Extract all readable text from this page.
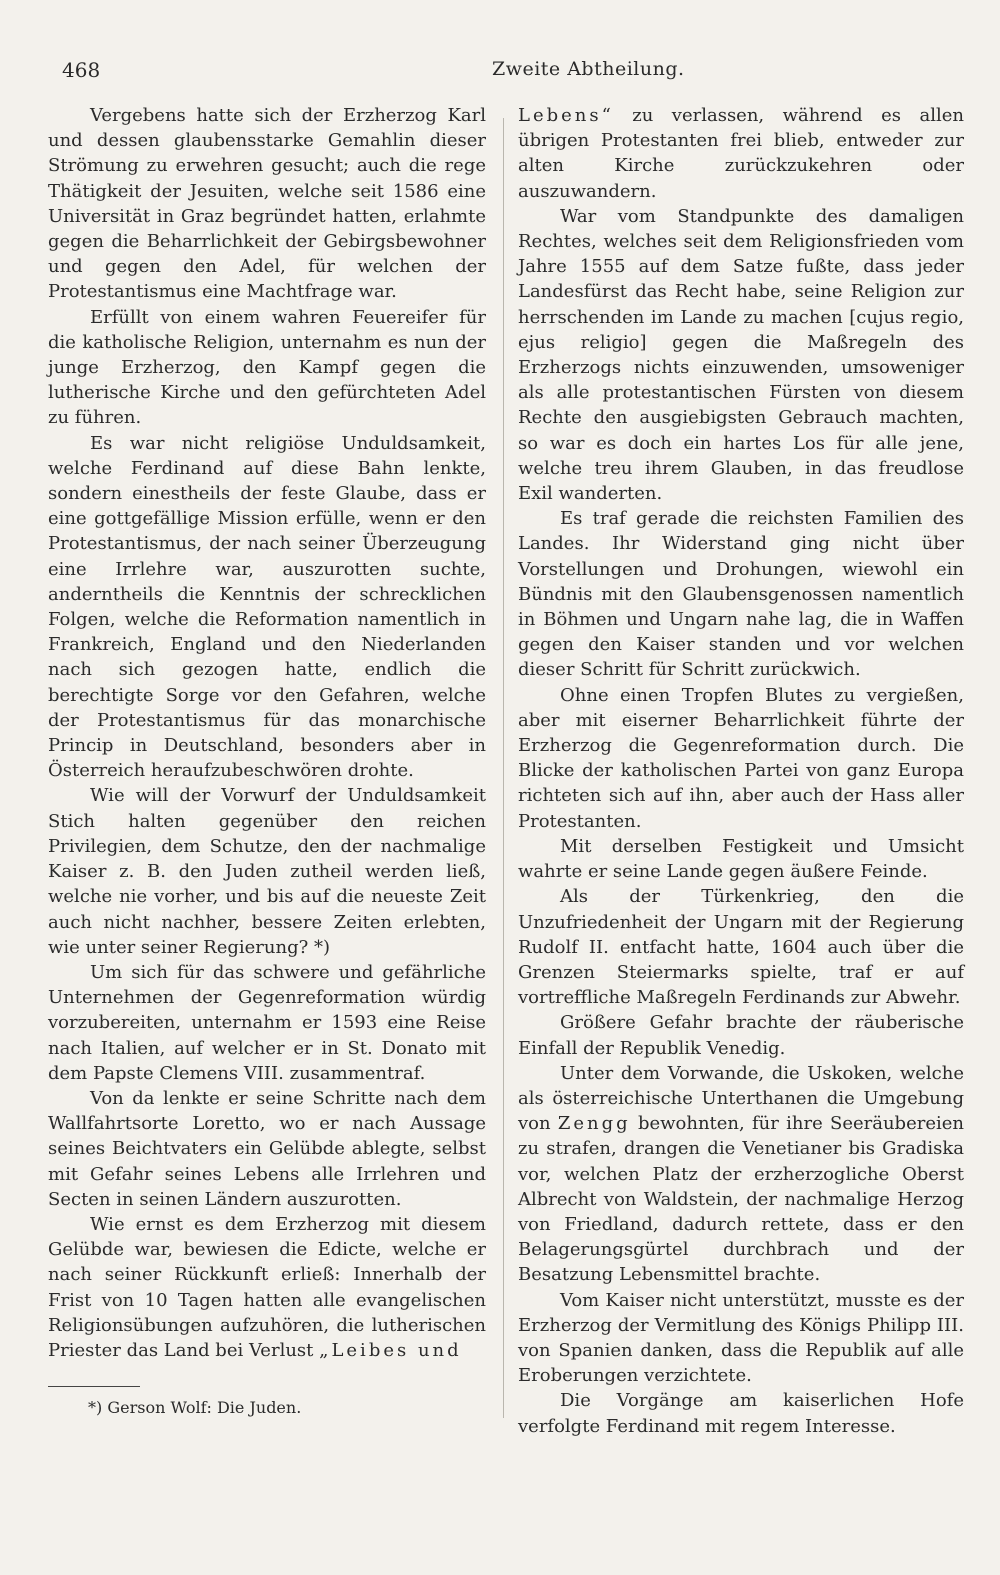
468	Zweite Abtheilung.

Vergebens hatte sich der Erzherzog Karl und dessen glaubensstarke Gemahlin dieser Strömung zu erwehren gesucht; auch die rege Thätigkeit der Jesuiten, welche seit 1586 eine Universität in Graz begründet hatten, erlahmte gegen die Beharrlichkeit der Gebirgsbewohner und gegen den Adel, für welchen der Protestantismus eine Machtfrage war.

Erfüllt von einem wahren Feuereifer für die katholische Religion, unternahm es nun der junge Erzherzog, den Kampf gegen die lutherische Kirche und den gefürchteten Adel zu führen.

Es war nicht religiöse Unduldsamkeit, welche Ferdinand auf diese Bahn lenkte, sondern einestheils der feste Glaube, dass er eine gottgefällige Mission erfülle, wenn er den Protestantismus, der nach seiner Überzeugung eine Irrlehre war, auszurotten suchte, anderntheils die Kenntnis der schrecklichen Folgen, welche die Reformation namentlich in Frankreich, England und den Niederlanden nach sich gezogen hatte, endlich die berechtigte Sorge vor den Gefahren, welche der Protestantismus für das monarchische Princip in Deutschland, besonders aber in Österreich heraufzubeschwören drohte.

Wie will der Vorwurf der Unduldsamkeit Stich halten gegenüber den reichen Privilegien, dem Schutze, den der nachmalige Kaiser z. B. den Juden zutheil werden ließ, welche nie vorher, und bis auf die neueste Zeit auch nicht nachher, bessere Zeiten erlebten, wie unter seiner Regierung? *)

Um sich für das schwere und gefährliche Unternehmen der Gegenreformation würdig vorzubereiten, unternahm er 1593 eine Reise nach Italien, auf welcher er in St. Donato mit dem Papste Clemens VIII. zusammentraf.

Von da lenkte er seine Schritte nach dem Wallfahrtsorte Loretto, wo er nach Aussage seines Beichtvaters ein Gelübde ablegte, selbst mit Gefahr seines Lebens alle Irrlehren und Secten in seinen Ländern auszurotten.

Wie ernst es dem Erzherzog mit diesem Gelübde war, bewiesen die Edicte, welche er nach seiner Rückkunft erließ: Innerhalb der Frist von 10 Tagen hatten alle evangelischen Religionsübungen aufzuhören, die lutherischen Priester das Land bei Verlust „Leibes und

Lebens“ zu verlassen, während es allen übrigen Protestanten frei blieb, entweder zur alten Kirche zurückzukehren oder auszuwandern.

War vom Standpunkte des damaligen Rechtes, welches seit dem Religionsfrieden vom Jahre 1555 auf dem Satze fußte, dass jeder Landesfürst das Recht habe, seine Religion zur herrschenden im Lande zu machen [cujus regio, ejus religio] gegen die Maßregeln des Erzherzogs nichts einzuwenden, umsoweniger als alle protestantischen Fürsten von diesem Rechte den ausgiebigsten Gebrauch machten, so war es doch ein hartes Los für alle jene, welche treu ihrem Glauben, in das freudlose Exil wanderten.

Es traf gerade die reichsten Familien des Landes. Ihr Widerstand ging nicht über Vorstellungen und Drohungen, wiewohl ein Bündnis mit den Glaubensgenossen namentlich in Böhmen und Ungarn nahe lag, die in Waffen gegen den Kaiser standen und vor welchen dieser Schritt für Schritt zurückwich.

Ohne einen Tropfen Blutes zu vergießen, aber mit eiserner Beharrlichkeit führte der Erzherzog die Gegenreformation durch. Die Blicke der katholischen Partei von ganz Europa richteten sich auf ihn, aber auch der Hass aller Protestanten.

Mit derselben Festigkeit und Umsicht wahrte er seine Lande gegen äußere Feinde.

Als der Türkenkrieg, den die Unzufriedenheit der Ungarn mit der Regierung Rudolf II. entfacht hatte, 1604 auch über die Grenzen Steiermarks spielte, traf er auf vortreffliche Maßregeln Ferdinands zur Abwehr.

Größere Gefahr brachte der räuberische Einfall der Republik Venedig.

Unter dem Vorwande, die Uskoken, welche als österreichische Unterthanen die Umgebung von Zengg bewohnten, für ihre Seeräubereien zu strafen, drangen die Venetianer bis Gradiska vor, welchen Platz der erzherzogliche Oberst Albrecht von Waldstein, der nachmalige Herzog von Friedland, dadurch rettete, dass er den Belagerungsgürtel durchbrach und der Besatzung Lebensmittel brachte.

Vom Kaiser nicht unterstützt, musste es der Erzherzog der Vermitlung des Königs Philipp III. von Spanien danken, dass die Republik auf alle Eroberungen verzichtete.

Die Vorgänge am kaiserlichen Hofe verfolgte Ferdinand mit regem Interesse.

*) Gerson Wolf: Die Juden.
